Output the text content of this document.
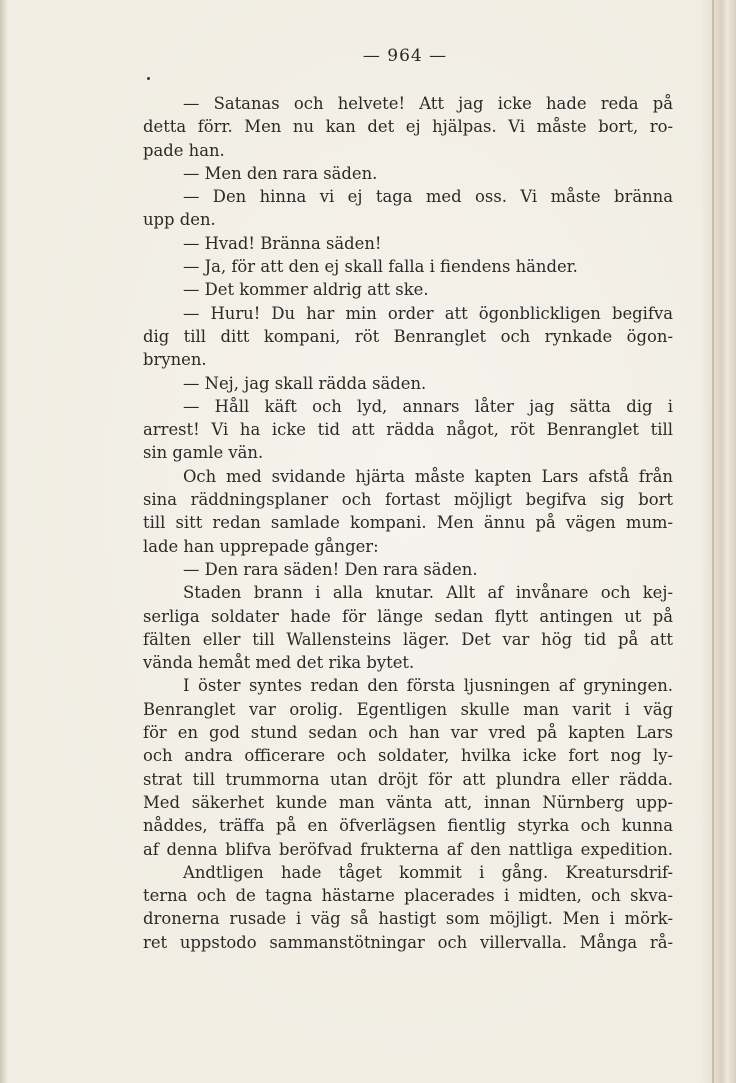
— 964 —
— Satanas och helvete! Att jag icke hade reda på
detta förr. Men nu kan det ej hjälpas. Vi måste bort, ro-
pade han.
— Men den rara säden.
— Den hinna vi ej taga med oss. Vi måste bränna
upp den.
— Hvad! Bränna säden!
— Ja, för att den ej skall falla i fiendens händer.
— Det kommer aldrig att ske.
— Huru! Du har min order att ögonblickligen begifva
dig till ditt kompani, röt Benranglet och rynkade ögon-
brynen.
— Nej, jag skall rädda säden.
— Håll käft och lyd, annars låter jag sätta dig i
arrest! Vi ha icke tid att rädda något, röt Benranglet till
sin gamle vän.
Och med svidande hjärta måste kapten Lars afstå från
sina räddningsplaner och fortast möjligt begifva sig bort
till sitt redan samlade kompani. Men ännu på vägen mum-
lade han upprepade gånger:
— Den rara säden! Den rara säden.
Staden brann i alla knutar. Allt af invånare och kej-
serliga soldater hade för länge sedan flytt antingen ut på
fälten eller till Wallensteins läger. Det var hög tid på att
vända hemåt med det rika bytet.
I öster syntes redan den första ljusningen af gryningen.
Benranglet var orolig. Egentligen skulle man varit i väg
för en god stund sedan och han var vred på kapten Lars
och andra officerare och soldater, hvilka icke fort nog ly-
strat till trummorna utan dröjt för att plundra eller rädda.
Med säkerhet kunde man vänta att, innan Nürnberg upp-
nåddes, träffa på en öfverlägsen fientlig styrka och kunna
af denna blifva beröfvad frukterna af den nattliga expedition.
Andtligen hade tåget kommit i gång. Kreatursdrif-
terna och de tagna hästarne placerades i midten, och skva-
dronerna rusade i väg så hastigt som möjligt. Men i mörk-
ret uppstodo sammanstötningar och villervalla. Många rå-
